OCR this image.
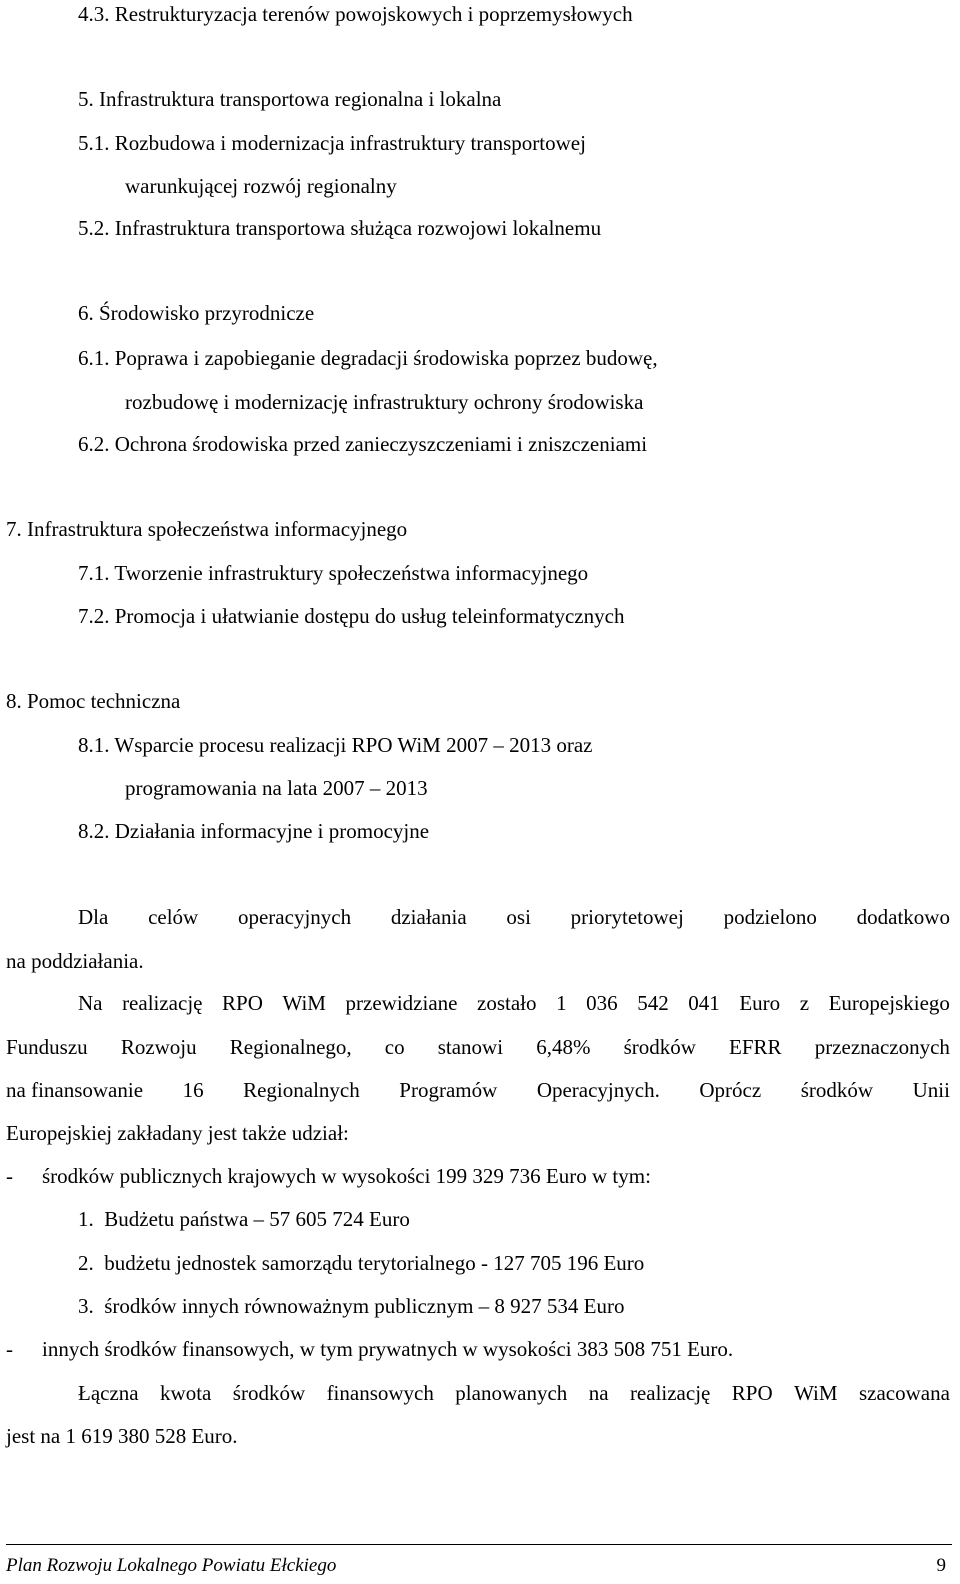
4.3. Restrukturyzacja terenów powojskowych i poprzemysłowych
5. Infrastruktura transportowa regionalna i lokalna
5.1. Rozbudowa i modernizacja infrastruktury transportowej
warunkującej rozwój regionalny
5.2. Infrastruktura transportowa służąca rozwojowi lokalnemu
6. Środowisko przyrodnicze
6.1. Poprawa i zapobieganie degradacji środowiska poprzez budowę,
rozbudowę i modernizację infrastruktury ochrony środowiska
6.2. Ochrona środowiska przed zanieczyszczeniami i zniszczeniami
7. Infrastruktura społeczeństwa informacyjnego
7.1. Tworzenie infrastruktury społeczeństwa informacyjnego
7.2. Promocja i ułatwianie dostępu do usług teleinformatycznych
8. Pomoc techniczna
8.1. Wsparcie procesu realizacji RPO WiM 2007 – 2013 oraz
programowania na lata 2007 – 2013
8.2. Działania informacyjne i promocyjne
Dla celów operacyjnych działania osi priorytetowej podzielono dodatkowo
na poddziałania.
Na realizację RPO WiM przewidziane zostało 1 036 542 041 Euro z Europejskiego
Funduszu Rozwoju Regionalnego, co stanowi 6,48% środków EFRR przeznaczonych
na finansowanie 16 Regionalnych Programów Operacyjnych. Oprócz środków Unii
Europejskiej zakładany jest także udział:
- środków publicznych krajowych w wysokości 199 329 736 Euro w tym:
1.  Budżetu państwa – 57 605 724 Euro
2.  budżetu jednostek samorządu terytorialnego - 127 705 196 Euro
3.  środków innych równoważnym publicznym – 8 927 534 Euro
- innych środków finansowych, w tym prywatnych w wysokości 383 508 751 Euro.
Łączna kwota środków finansowych planowanych na realizację RPO WiM szacowana
jest na 1 619 380 528 Euro.
Plan Rozwoju Lokalnego Powiatu Ełckiego	9
